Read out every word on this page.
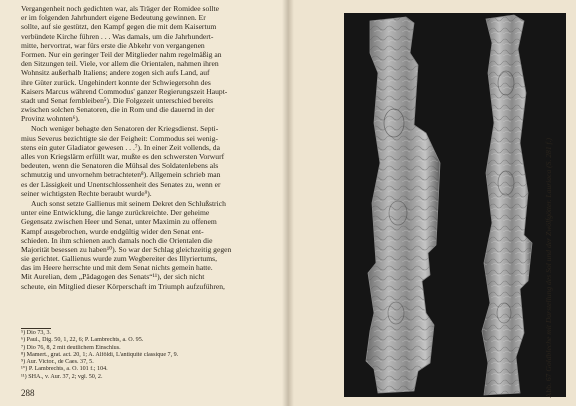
Vergangenheit noch gedichten war, als Träger der Romidee sollte
er im folgenden Jahrhundert eigene Bedeutung gewinnen. Er
sollte, auf sie gestützt, den Kampf gegen die mit dem Kaisertum
verbündete Kirche führen . . . Was damals, um die Jahrhundert-
mitte, hervortrat, war fürs erste die Abkehr von vergangenen
Formen. Nur ein geringer Teil der Mitglieder nahm regelmäßig an
den Sitzungen teil. Viele, vor allem die Orientalen, nahmen ihren
Wohnsitz außerhalb Italiens; andere zogen sich aufs Land, auf
ihre Güter zurück. Ungehindert konnte der Schwiegersohn des
Kaisers Marcus während Commodus' ganzer Regierungszeit Haupt-
stadt und Senat fernbleiben⁵). Die Folgezeit unterschied bereits
zwischen solchen Senatoren, die in Rom und die dauernd in der
Provinz wohnten⁶).
Noch weniger behagte den Senatoren der Kriegsdienst. Septi-
mius Severus bezichtigte sie der Feigheit: Commodus sei wenig-
stens ein guter Gladiator gewesen . . .⁷). In einer Zeit vollends, da
alles von Kriegslärm erfüllt war, mußte es den schwersten Vorwurf
bedeuten, wenn die Senatoren die Mühsal des Soldatenlebens als
schmutzig und unvornehm betrachteten⁸). Allgemein schrieb man
es der Lässigkeit und Unentschlossenheit des Senates zu, wenn er
seiner wichtigsten Rechte beraubt wurde⁹).
Auch sonst setzte Gallienus mit seinem Dekret den Schlußstrich
unter eine Entwicklung, die lange zurückreichte. Der geheime
Gegensatz zwischen Heer und Senat, unter Maximin zu offenem
Kampf ausgebrochen, wurde endgültig wider den Senat ent-
schieden. In ihm schienen auch damals noch die Orientalen die
Majorität besessen zu haben¹⁰). So war der Schlag gleichzeitig gegen
sie gerichtet. Gallienus wurde zum Wegbereiter des Illyriertums,
das im Heere herrschte und mit dem Senat nichts gemein hatte.
Mit Aurelian, dem „Pädagogen des Senats“¹¹), der sich nicht
scheute, ein Mitglied dieser Körperschaft im Triumph aufzuführen,
⁵) Dio 73, 3.
⁶) Paul., Dig. 50, 1, 22, 6; P. Lambrechts, a. O. 95.
⁷) Dio 76, 8, 2 mit deutlichem Einschlus.
⁸) Mamert., grat. act. 20, 1; A. Alföldi, L'antiquité classique 7, 9.
⁹) Aur. Victor., de Caes. 37, 5.
¹⁰) P. Lambrechts, a. O. 101 f.; 104.
¹¹) SHA., v. Aur. 37, 2; vgl. 50, 2.
288	Abb. 67 Goldbleche mit Darstellung des Sol und der Zwölfgötter. Lauriaca (S. 281 f.)
